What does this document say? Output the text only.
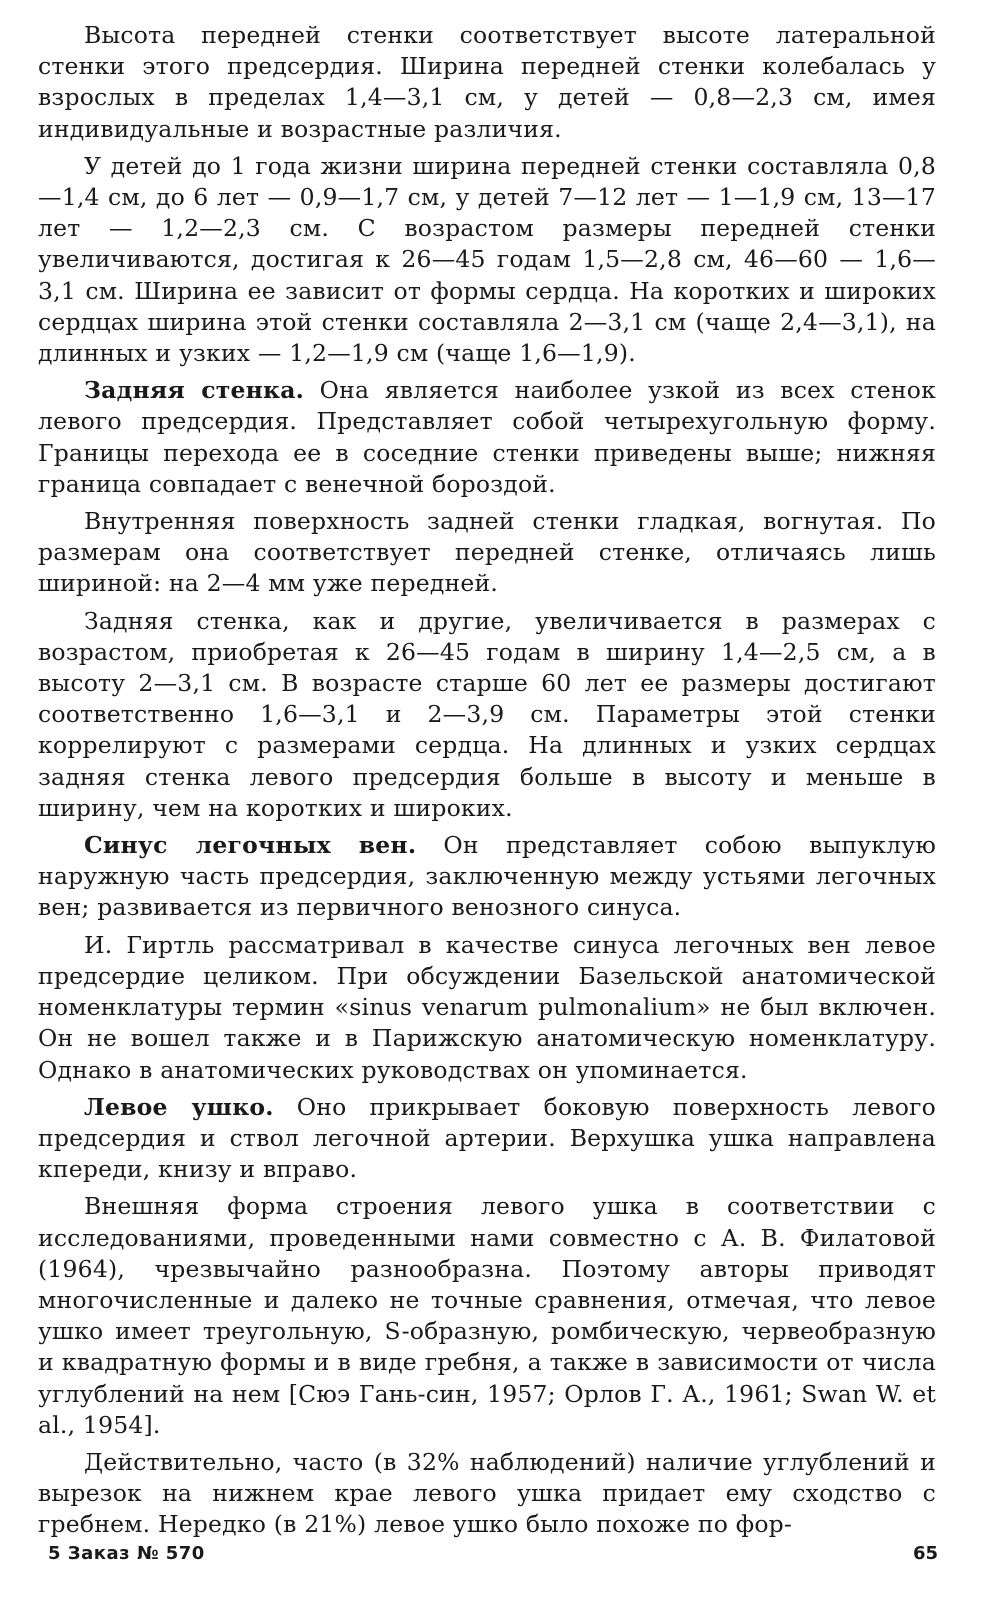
Высота передней стенки соответствует высоте латеральной стенки этого предсердия. Ширина передней стенки колебалась у взрослых в пределах 1,4—3,1 см, у детей — 0,8—2,3 см, имея индивидуальные и возрастные различия.

У детей до 1 года жизни ширина передней стенки составляла 0,8—1,4 см, до 6 лет — 0,9—1,7 см, у детей 7—12 лет — 1—1,9 см, 13—17 лет — 1,2—2,3 см. С возрастом размеры передней стенки увеличиваются, достигая к 26—45 годам 1,5—2,8 см, 46—60 — 1,6—3,1 см. Ширина ее зависит от формы сердца. На коротких и широких сердцах ширина этой стенки составляла 2—3,1 см (чаще 2,4—3,1), на длинных и узких — 1,2—1,9 см (чаще 1,6—1,9).

Задняя стенка. Она является наиболее узкой из всех стенок левого предсердия. Представляет собой четырехугольную форму. Границы перехода ее в соседние стенки приведены выше; нижняя граница совпадает с венечной бороздой.

Внутренняя поверхность задней стенки гладкая, вогнутая. По размерам она соответствует передней стенке, отличаясь лишь шириной: на 2—4 мм уже передней.

Задняя стенка, как и другие, увеличивается в размерах с возрастом, приобретая к 26—45 годам в ширину 1,4—2,5 см, а в высоту 2—3,1 см. В возрасте старше 60 лет ее размеры достигают соответственно 1,6—3,1 и 2—3,9 см. Параметры этой стенки коррелируют с размерами сердца. На длинных и узких сердцах задняя стенка левого предсердия больше в высоту и меньше в ширину, чем на коротких и широких.

Синус легочных вен. Он представляет собою выпуклую наружную часть предсердия, заключенную между устьями легочных вен; развивается из первичного венозного синуса.

И. Гиртль рассматривал в качестве синуса легочных вен левое предсердие целиком. При обсуждении Базельской анатомической номенклатуры термин «sinus venarum pulmonalium» не был включен. Он не вошел также и в Парижскую анатомическую номенклатуру. Однако в анатомических руководствах он упоминается.

Левое ушко. Оно прикрывает боковую поверхность левого предсердия и ствол легочной артерии. Верхушка ушка направлена кпереди, книзу и вправо.

Внешняя форма строения левого ушка в соответствии с исследованиями, проведенными нами совместно с А. В. Филатовой (1964), чрезвычайно разнообразна. Поэтому авторы приводят многочисленные и далеко не точные сравнения, отмечая, что левое ушко имеет треугольную, S-образную, ромбическую, червеобразную и квадратную формы и в виде гребня, а также в зависимости от числа углублений на нем [Сюэ Гань-син, 1957; Орлов Г. А., 1961; Swan W. et al., 1954].

Действительно, часто (в 32% наблюдений) наличие углублений и вырезок на нижнем крае левого ушка придает ему сходство с гребнем. Нередко (в 21%) левое ушко было похоже по фор-

5 Заказ № 570	65
